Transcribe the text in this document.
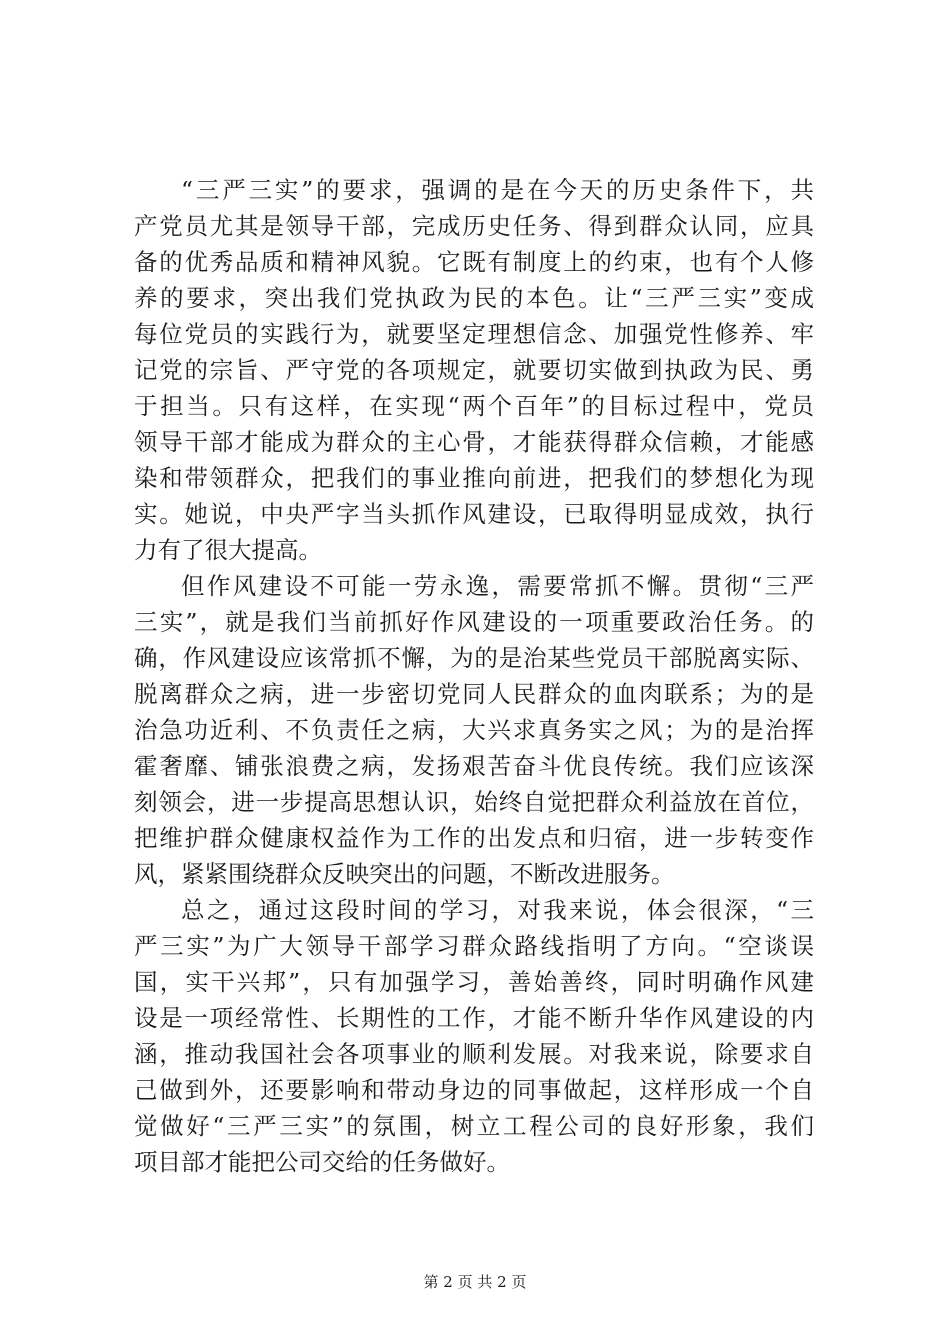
“三严三实”的要求，强调的是在今天的历史条件下，共
产党员尤其是领导干部，完成历史任务、得到群众认同，应具
备的优秀品质和精神风貌。它既有制度上的约束，也有个人修
养的要求，突出我们党执政为民的本色。让“三严三实”变成
每位党员的实践行为，就要坚定理想信念、加强党性修养、牢
记党的宗旨、严守党的各项规定，就要切实做到执政为民、勇
于担当。只有这样，在实现“两个百年”的目标过程中，党员
领导干部才能成为群众的主心骨，才能获得群众信赖，才能感
染和带领群众，把我们的事业推向前进，把我们的梦想化为现
实。她说，中央严字当头抓作风建设，已取得明显成效，执行
力有了很大提高。
但作风建设不可能一劳永逸，需要常抓不懈。贯彻“三严
三实”，就是我们当前抓好作风建设的一项重要政治任务。的
确，作风建设应该常抓不懈，为的是治某些党员干部脱离实际、
脱离群众之病，进一步密切党同人民群众的血肉联系；为的是
治急功近利、不负责任之病，大兴求真务实之风；为的是治挥
霍奢靡、铺张浪费之病，发扬艰苦奋斗优良传统。我们应该深
刻领会，进一步提高思想认识，始终自觉把群众利益放在首位，
把维护群众健康权益作为工作的出发点和归宿，进一步转变作
风，紧紧围绕群众反映突出的问题，不断改进服务。
总之，通过这段时间的学习，对我来说，体会很深，“三
严三实”为广大领导干部学习群众路线指明了方向。“空谈误
国，实干兴邦”，只有加强学习，善始善终，同时明确作风建
设是一项经常性、长期性的工作，才能不断升华作风建设的内
涵，推动我国社会各项事业的顺利发展。对我来说，除要求自
己做到外，还要影响和带动身边的同事做起，这样形成一个自
觉做好“三严三实”的氛围，树立工程公司的良好形象，我们
项目部才能把公司交给的任务做好。
第 2 页 共 2 页
